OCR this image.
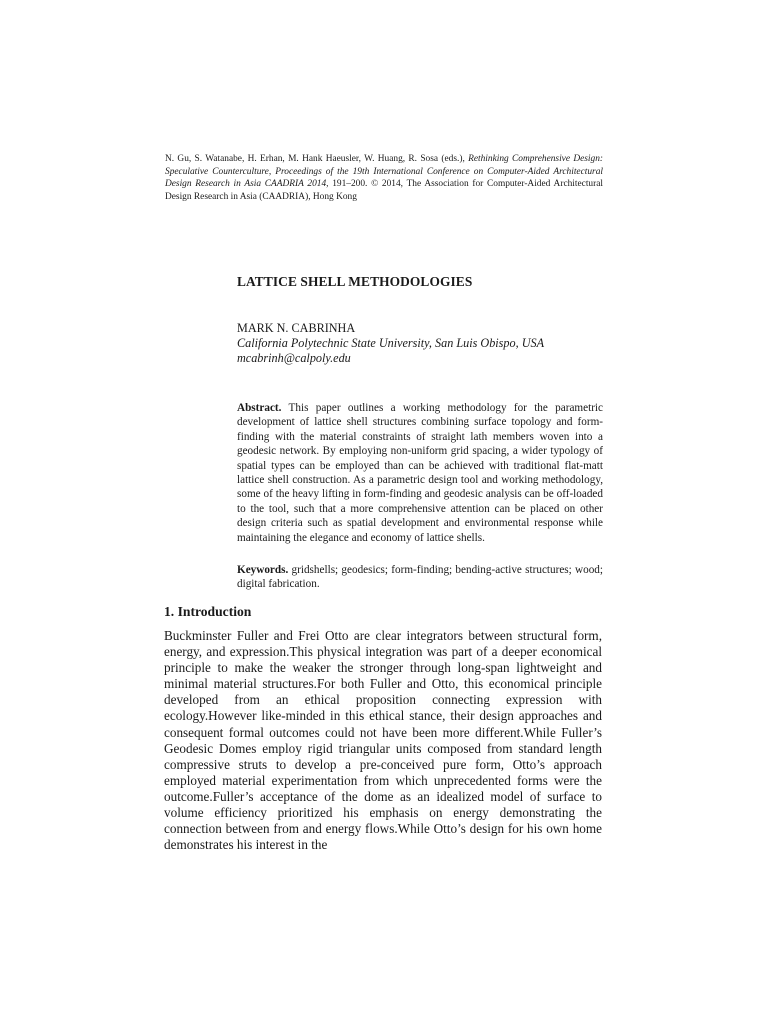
N. Gu, S. Watanabe, H. Erhan, M. Hank Haeusler, W. Huang, R. Sosa (eds.), Rethinking Comprehensive Design: Speculative Counterculture, Proceedings of the 19th International Conference on Computer-Aided Architectural Design Research in Asia CAADRIA 2014, 191–200. © 2014, The Association for Computer-Aided Architectural Design Research in Asia (CAADRIA), Hong Kong
LATTICE SHELL METHODOLOGIES
MARK N. CABRINHA
California Polytechnic State University, San Luis Obispo, USA
mcabrinh@calpoly.edu
Abstract. This paper outlines a working methodology for the parametric development of lattice shell structures combining surface topology and form-finding with the material constraints of straight lath members woven into a geodesic network. By employing non-uniform grid spacing, a wider typology of spatial types can be employed than can be achieved with traditional flat-matt lattice shell construction. As a parametric design tool and working methodology, some of the heavy lifting in form-finding and geodesic analysis can be off-loaded to the tool, such that a more comprehensive attention can be placed on other design criteria such as spatial development and environmental response while maintaining the elegance and economy of lattice shells.
Keywords. gridshells; geodesics; form-finding; bending-active structures; wood; digital fabrication.
1. Introduction
Buckminster Fuller and Frei Otto are clear integrators between structural form, energy, and expression.This physical integration was part of a deeper economical principle to make the weaker the stronger through long-span lightweight and minimal material structures.For both Fuller and Otto, this economical principle developed from an ethical proposition connecting expression with ecology.However like-minded in this ethical stance, their design approaches and consequent formal outcomes could not have been more different.While Fuller’s Geodesic Domes employ rigid triangular units composed from standard length compressive struts to develop a pre-conceived pure form, Otto’s approach employed material experimentation from which unprecedented forms were the outcome.Fuller’s acceptance of the dome as an idealized model of surface to volume efficiency prioritized his emphasis on energy demonstrating the connection between from and energy flows.While Otto’s design for his own home demonstrates his interest in the
